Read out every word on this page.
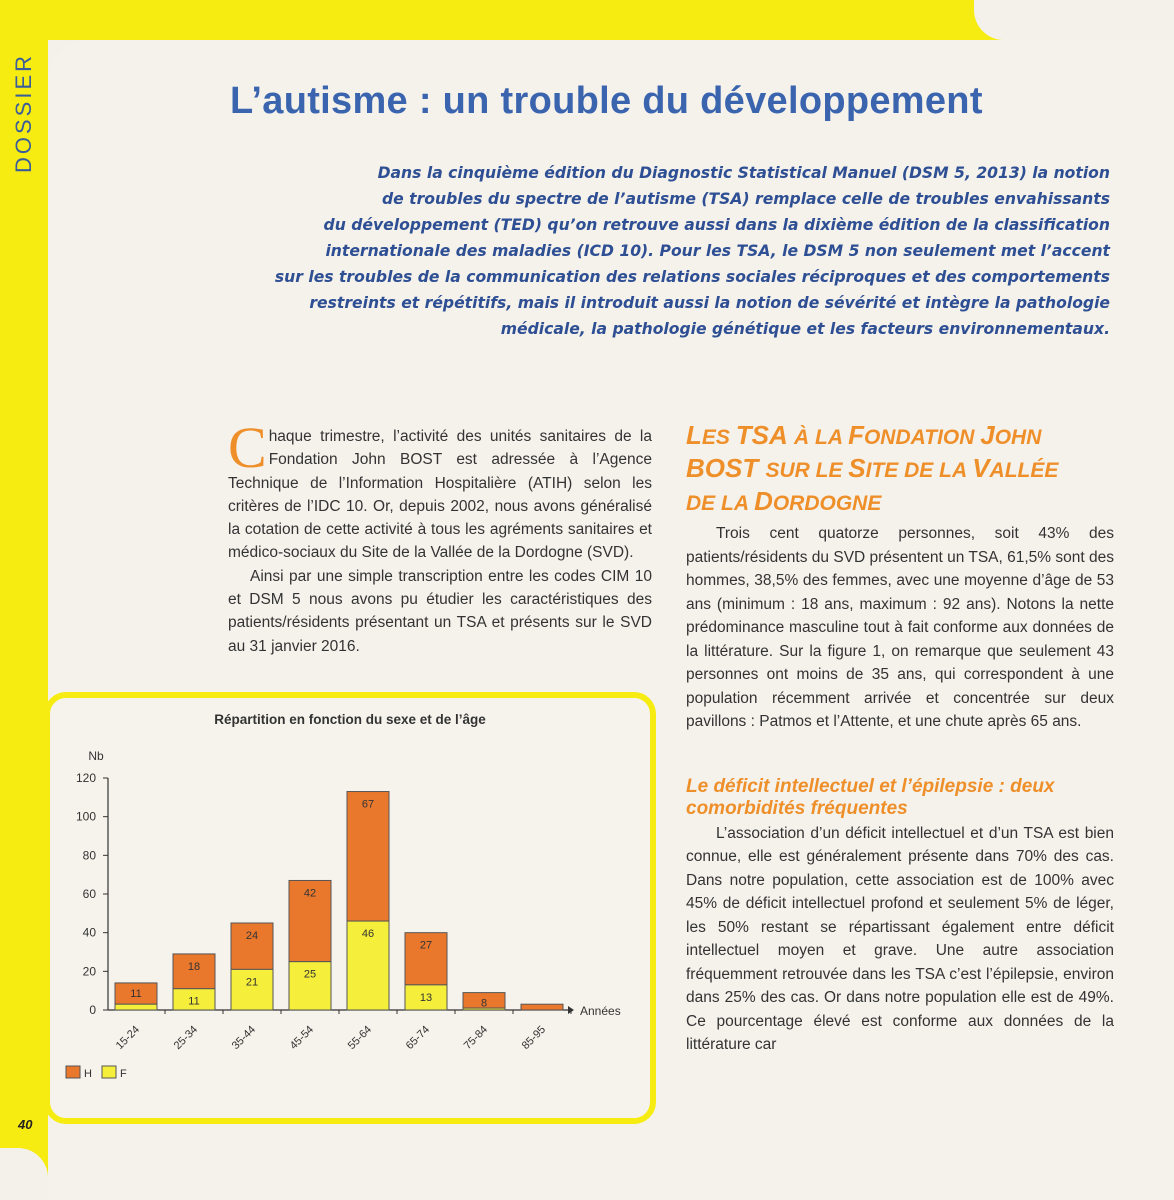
DOSSIER	L’autisme : un trouble du développement
Dans la cinquième édition du Diagnostic Statistical Manuel (DSM 5, 2013) la notion
de troubles du spectre de l’autisme (TSA) remplace celle de troubles envahissants
du développement (TED) qu’on retrouve aussi dans la dixième édition de la classification
internationale des maladies (ICD 10). Pour les TSA, le DSM 5 non seulement met l’accent
sur les troubles de la communication des relations sociales réciproques et des comportements
restreints et répétitifs, mais il introduit aussi la notion de sévérité et intègre la pathologie
médicale, la pathologie génétique et les facteurs environnementaux.

Chaque trimestre, l’activité des unités sanitaires de la Fondation John BOST est adressée à l’Agence Technique de l’Information Hospitalière (ATIH) selon les critères de l’IDC 10. Or, depuis 2002, nous avons généralisé la cotation de cette activité à tous les agréments sanitaires et médico-sociaux du Site de la Vallée de la Dordogne (SVD).

Ainsi par une simple transcription entre les codes CIM 10 et DSM 5 nous avons pu étudier les caractéristiques des patients/résidents présentant un TSA et présents sur le SVD au 31 janvier 2016.

Répartition en fonction du sexe et de l’âge
Nb
0
20
40
60
80
100
120
Années
11
15-24
18
11
25-34
24
21
35-44
42
25
45-54
67
46
55-64
27
13
65-74
8
75-84	85-95
H	F
40
LES TSA À LA FONDATION JOHN
BOST SUR LE SITE DE LA VALLÉE
DE LA DORDOGNE

Trois cent quatorze personnes, soit 43% des patients/résidents du SVD présentent un TSA, 61,5% sont des hommes, 38,5% des femmes, avec une moyenne d’âge de 53 ans (minimum : 18 ans, maximum : 92 ans). Notons la nette prédominance masculine tout à fait conforme aux données de la littérature. Sur la figure 1, on remarque que seulement 43 personnes ont moins de 35 ans, qui correspondent à une population récemment arrivée et concentrée sur deux pavillons : Patmos et l’Attente, et une chute après 65 ans.

Le déficit intellectuel et l’épilepsie : deux
comorbidités fréquentes

L’association d’un déficit intellectuel et d’un TSA est bien connue, elle est généralement présente dans 70% des cas. Dans notre population, cette association est de 100% avec 45% de déficit intellectuel profond et seulement 5% de léger, les 50% restant se répartissant également entre déficit intellectuel moyen et grave. Une autre association fréquemment retrouvée dans les TSA c’est l’épilepsie, environ dans 25% des cas. Or dans notre population elle est de 49%. Ce pourcentage élevé est conforme aux données de la littérature car
